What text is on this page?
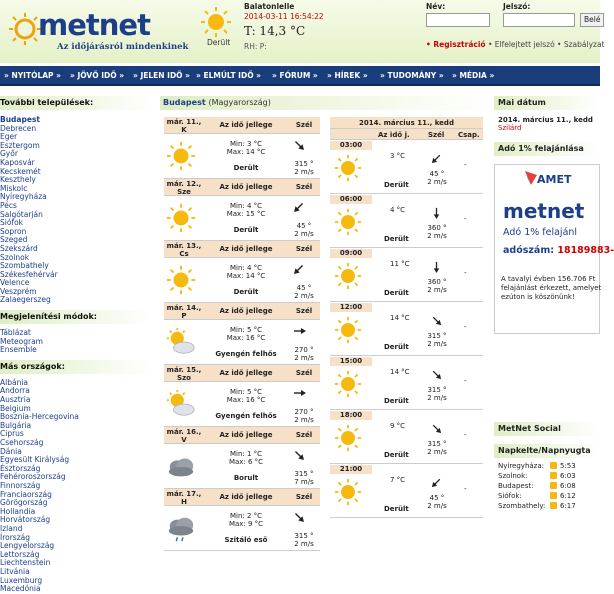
metnet
Az időjárásról mindenkinek Derült
Balatonlelle
2014-03-11 16:54:22
T: 14,3 °C
RH: P:
Név:	Jelszó:
Belé
• Regisztráció • Elfelejtett jelszó • Szabályzat
» NYITÓLAP » » JÖVŐ IDŐ » » JELEN IDŐ » » ELMÚLT IDŐ » » FÓRUM » » HÍREK » » TUDOMÁNY » » MÉDIA »
További települések:
Budapest
Debrecen
Eger
Esztergom
Győr
Kaposvár
Kecskemét
Keszthely
Miskolc
Nyíregyháza
Pécs
Salgótarján
Siófok
Sopron
Szeged
Szekszárd
Szolnok
Szombathely
Székesfehérvár
Velence
Veszprém
Zalaegerszeg
Megjelenítési módok:
Táblázat
Meteogram
Ensemble
Más országok:
Albánia
Andorra
Ausztria
Belgium
Bosznia-Hercegovina
Bulgária
Ciprus
Csehország
Dánia
Egyesült Királyság
Észtország
Fehéroroszország
Finnország
Franciaország
Görögország
Hollandia
Horvátország
Izland
Írország
Lengyelország
Lettország
Liechtenstein
Litvánia
Luxemburg
Macedónia
Budapest (Magyarország)
már. 11.,
K
Az idő jellege	Szél
Min: 3 °C
Max: 14 °C
Derült	315 °
2 m/s
már. 12.,
Sze
Az idő jellege	Szél
Min: 4 °C
Max: 15 °C
Derült	45 °
2 m/s
már. 13.,
Cs
Az idő jellege	Szél
Min: 4 °C
Max: 14 °C
Derült	45 °
2 m/s
már. 14.,
P
Az idő jellege	Szél
Min: 5 °C
Max: 16 °C
Gyengén felhős	270 °
2 m/s
már. 15.,
Szo
Az idő jellege	Szél
Min: 5 °C
Max: 16 °C
Gyengén felhős	270 °
2 m/s
már. 16.,
V
Az idő jellege	Szél
Min: 1 °C
Max: 6 °C
Borult	315 °
7 m/s
már. 17.,
H
Az idő jellege	Szél
Min: 2 °C
Max: 9 °C
Szitáló eső	315 °
2 m/s
2014. március 11., kedd
Az idő j.	Szél Csap.
03:00
3 °C
Derült
45 °
2 m/s
-
06:00
4 °C
Derült
360 °
2 m/s
-
09:00
11 °C
Derült
360 °
2 m/s
-
12:00
14 °C
Derült
315 °
2 m/s
-
15:00
14 °C
Derült
315 °
2 m/s
-
18:00
9 °C
Derült
315 °
2 m/s
-
21:00
7 °C
Derült
45 °
2 m/s
-
Mai dátum
2014. március 11., kedd
Szilárd
Adó 1% felajánlása
AMET
metnet
Adó 1% felajánl
adószám: 18189883-
A tavalyi évben 156.706 Ft felajánlást érkezett, amelyet ezúton is köszönünk!
MetNet Social
Napkelte/Napnyugta
Nyíregyháza: 5:53
Szolnok:	6:03
Budapest:	6:08
Siófok:	6:12
Szombathely: 6:17
